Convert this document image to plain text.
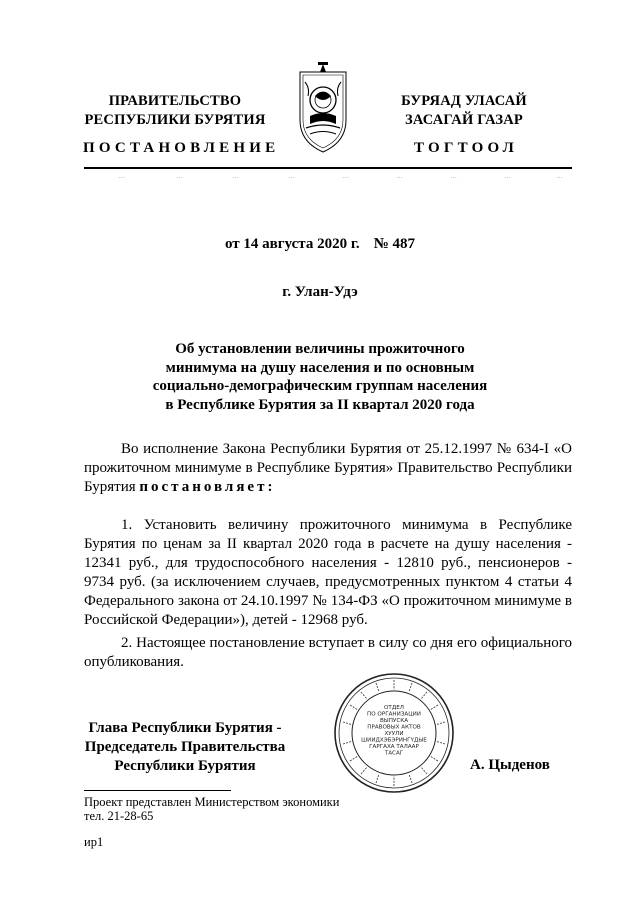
ПРАВИТЕЛЬСТВО
РЕСПУБЛИКИ БУРЯТИЯ
БУРЯАД УЛАСАЙ
ЗАСАГАЙ ГАЗАР
ПОСТАНОВЛЕНИЕ	ТОГТООЛ
…	…	…	…	…	…	…	…	…
от 14 августа 2020 г. № 487
г. Улан-Удэ
Об установлении величины прожиточного
минимума на душу населения и по основным
социально-демографическим группам населения
в Республике Бурятия за II квартал 2020 года
Во исполнение Закона Республики Бурятия от 25.12.1997 № 634-I «О прожиточном минимуме в Республике Бурятия» Правительство Республики Бурятия постановляет:
1. Установить величину прожиточного минимума в Республике Бурятия по ценам за II квартал 2020 года в расчете на душу населения - 12341 руб., для трудоспособного населения - 12810 руб., пенсионеров - 9734 руб. (за исключением случаев, предусмотренных пунктом 4 статьи 4 Федерального закона от 24.10.1997 № 134-ФЗ «О прожиточном минимуме в Российской Федерации»), детей - 12968 руб.
2. Настоящее постановление вступает в силу со дня его официального опубликования.
Глава Республики Бурятия -
Председатель Правительства
Республики Бурятия
ОТДЕЛ
ПО ОРГАНИЗАЦИИ
ВЫПУСКА
ПРАВОВЫХ АКТОВ
ХУУЛИ
ШИИДХЭБЭРИНГҮДЫЕ
ГАРГАХА ТАЛААР
ТАСАГ
А. Цыденов
Проект представлен Министерством экономики
тел. 21-28-65
ир1
